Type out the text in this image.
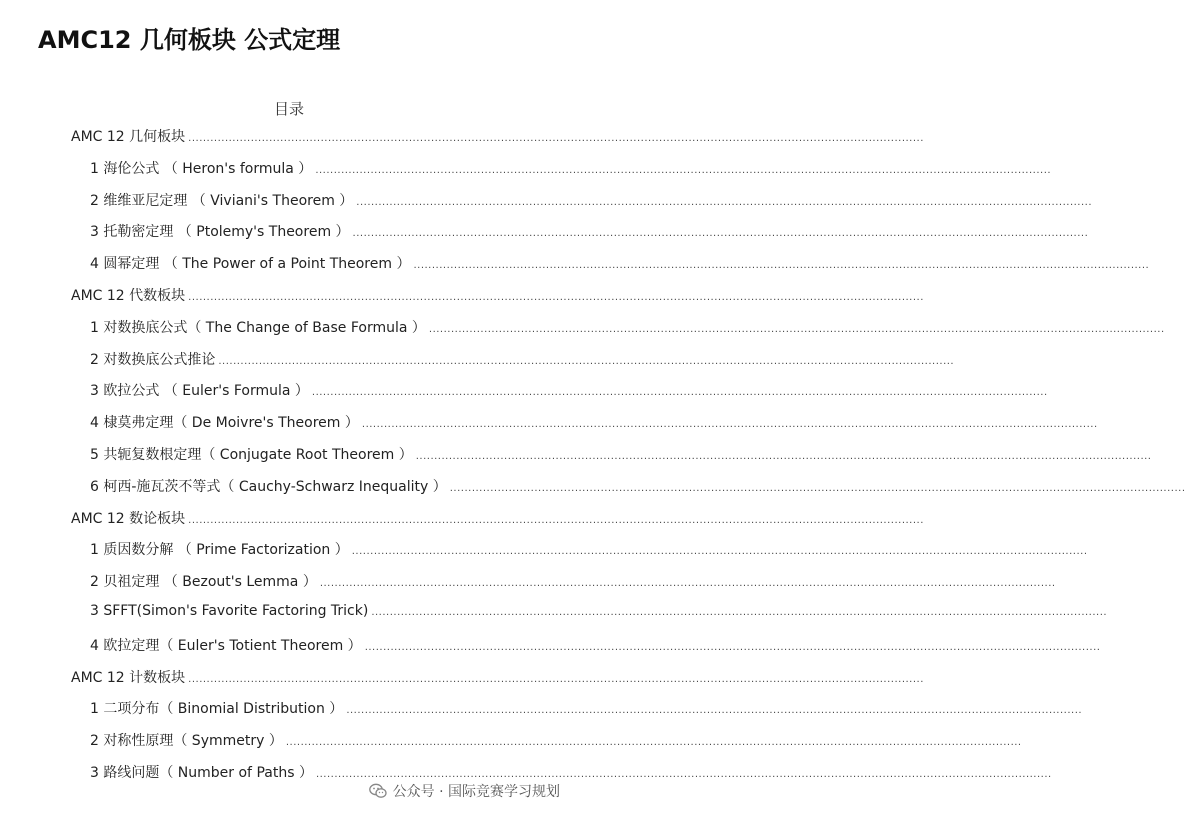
AMC12 几何板块 公式定理
目录
AMC 12 几何板块 ........................................................................................................................................................................................................
1 海伦公式 （ Heron's formula ） ........................................................................................................................................................................................................
2 维维亚尼定理 （ Viviani's Theorem ） ........................................................................................................................................................................................................
3 托勒密定理 （ Ptolemy's Theorem ） ........................................................................................................................................................................................................
4 圆幂定理 （ The Power of a Point Theorem ） ........................................................................................................................................................................................................
AMC 12 代数板块 ........................................................................................................................................................................................................
1 对数换底公式（ The Change of Base Formula ） ........................................................................................................................................................................................................
2 对数换底公式推论 ........................................................................................................................................................................................................
3 欧拉公式 （ Euler's Formula ） ........................................................................................................................................................................................................
4 棣莫弗定理（ De Moivre's Theorem ） ........................................................................................................................................................................................................
5 共轭复数根定理（ Conjugate Root Theorem ） ........................................................................................................................................................................................................
6 柯西-施瓦茨不等式（ Cauchy-Schwarz Inequality ） ........................................................................................................................................................................................................
AMC 12 数论板块 ........................................................................................................................................................................................................
1 质因数分解 （ Prime Factorization ） ........................................................................................................................................................................................................
2 贝祖定理 （ Bezout's Lemma ） ........................................................................................................................................................................................................
3 SFFT(Simon's Favorite Factoring Trick) ........................................................................................................................................................................................................
4 欧拉定理（ Euler's Totient Theorem ） ........................................................................................................................................................................................................
AMC 12 计数板块 ........................................................................................................................................................................................................
1 二项分布（ Binomial Distribution ） ........................................................................................................................................................................................................
2 对称性原理（ Symmetry ） ........................................................................................................................................................................................................
3 路线问题（ Number of Paths ） ........................................................................................................................................................................................................
公众号 · 国际竞赛学习规划
